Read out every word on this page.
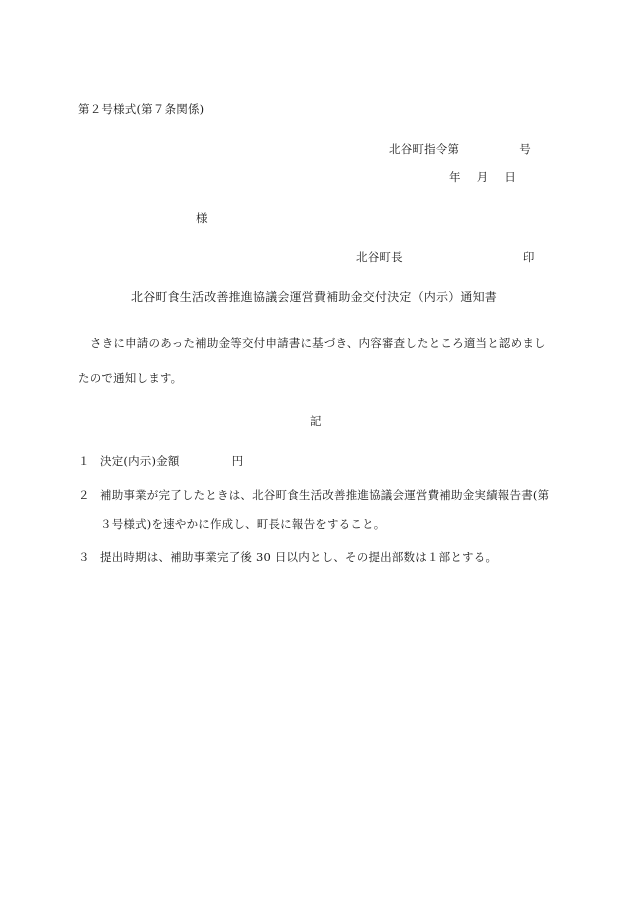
第２号様式(第７条関係)
北谷町指令第	号
年 月 日
様
北谷町長	印
北谷町食生活改善推進協議会運営費補助金交付決定（内示）通知書
さきに申請のあった補助金等交付申請書に基づき、内容審査したところ適当と認めまし
たので通知します。
記
１ 決定(内示)金額	円
２ 補助事業が完了したときは、北谷町食生活改善推進協議会運営費補助金実績報告書(第
３号様式)を速やかに作成し、町長に報告をすること。
３ 提出時期は、補助事業完了後 30 日以内とし、その提出部数は１部とする。
